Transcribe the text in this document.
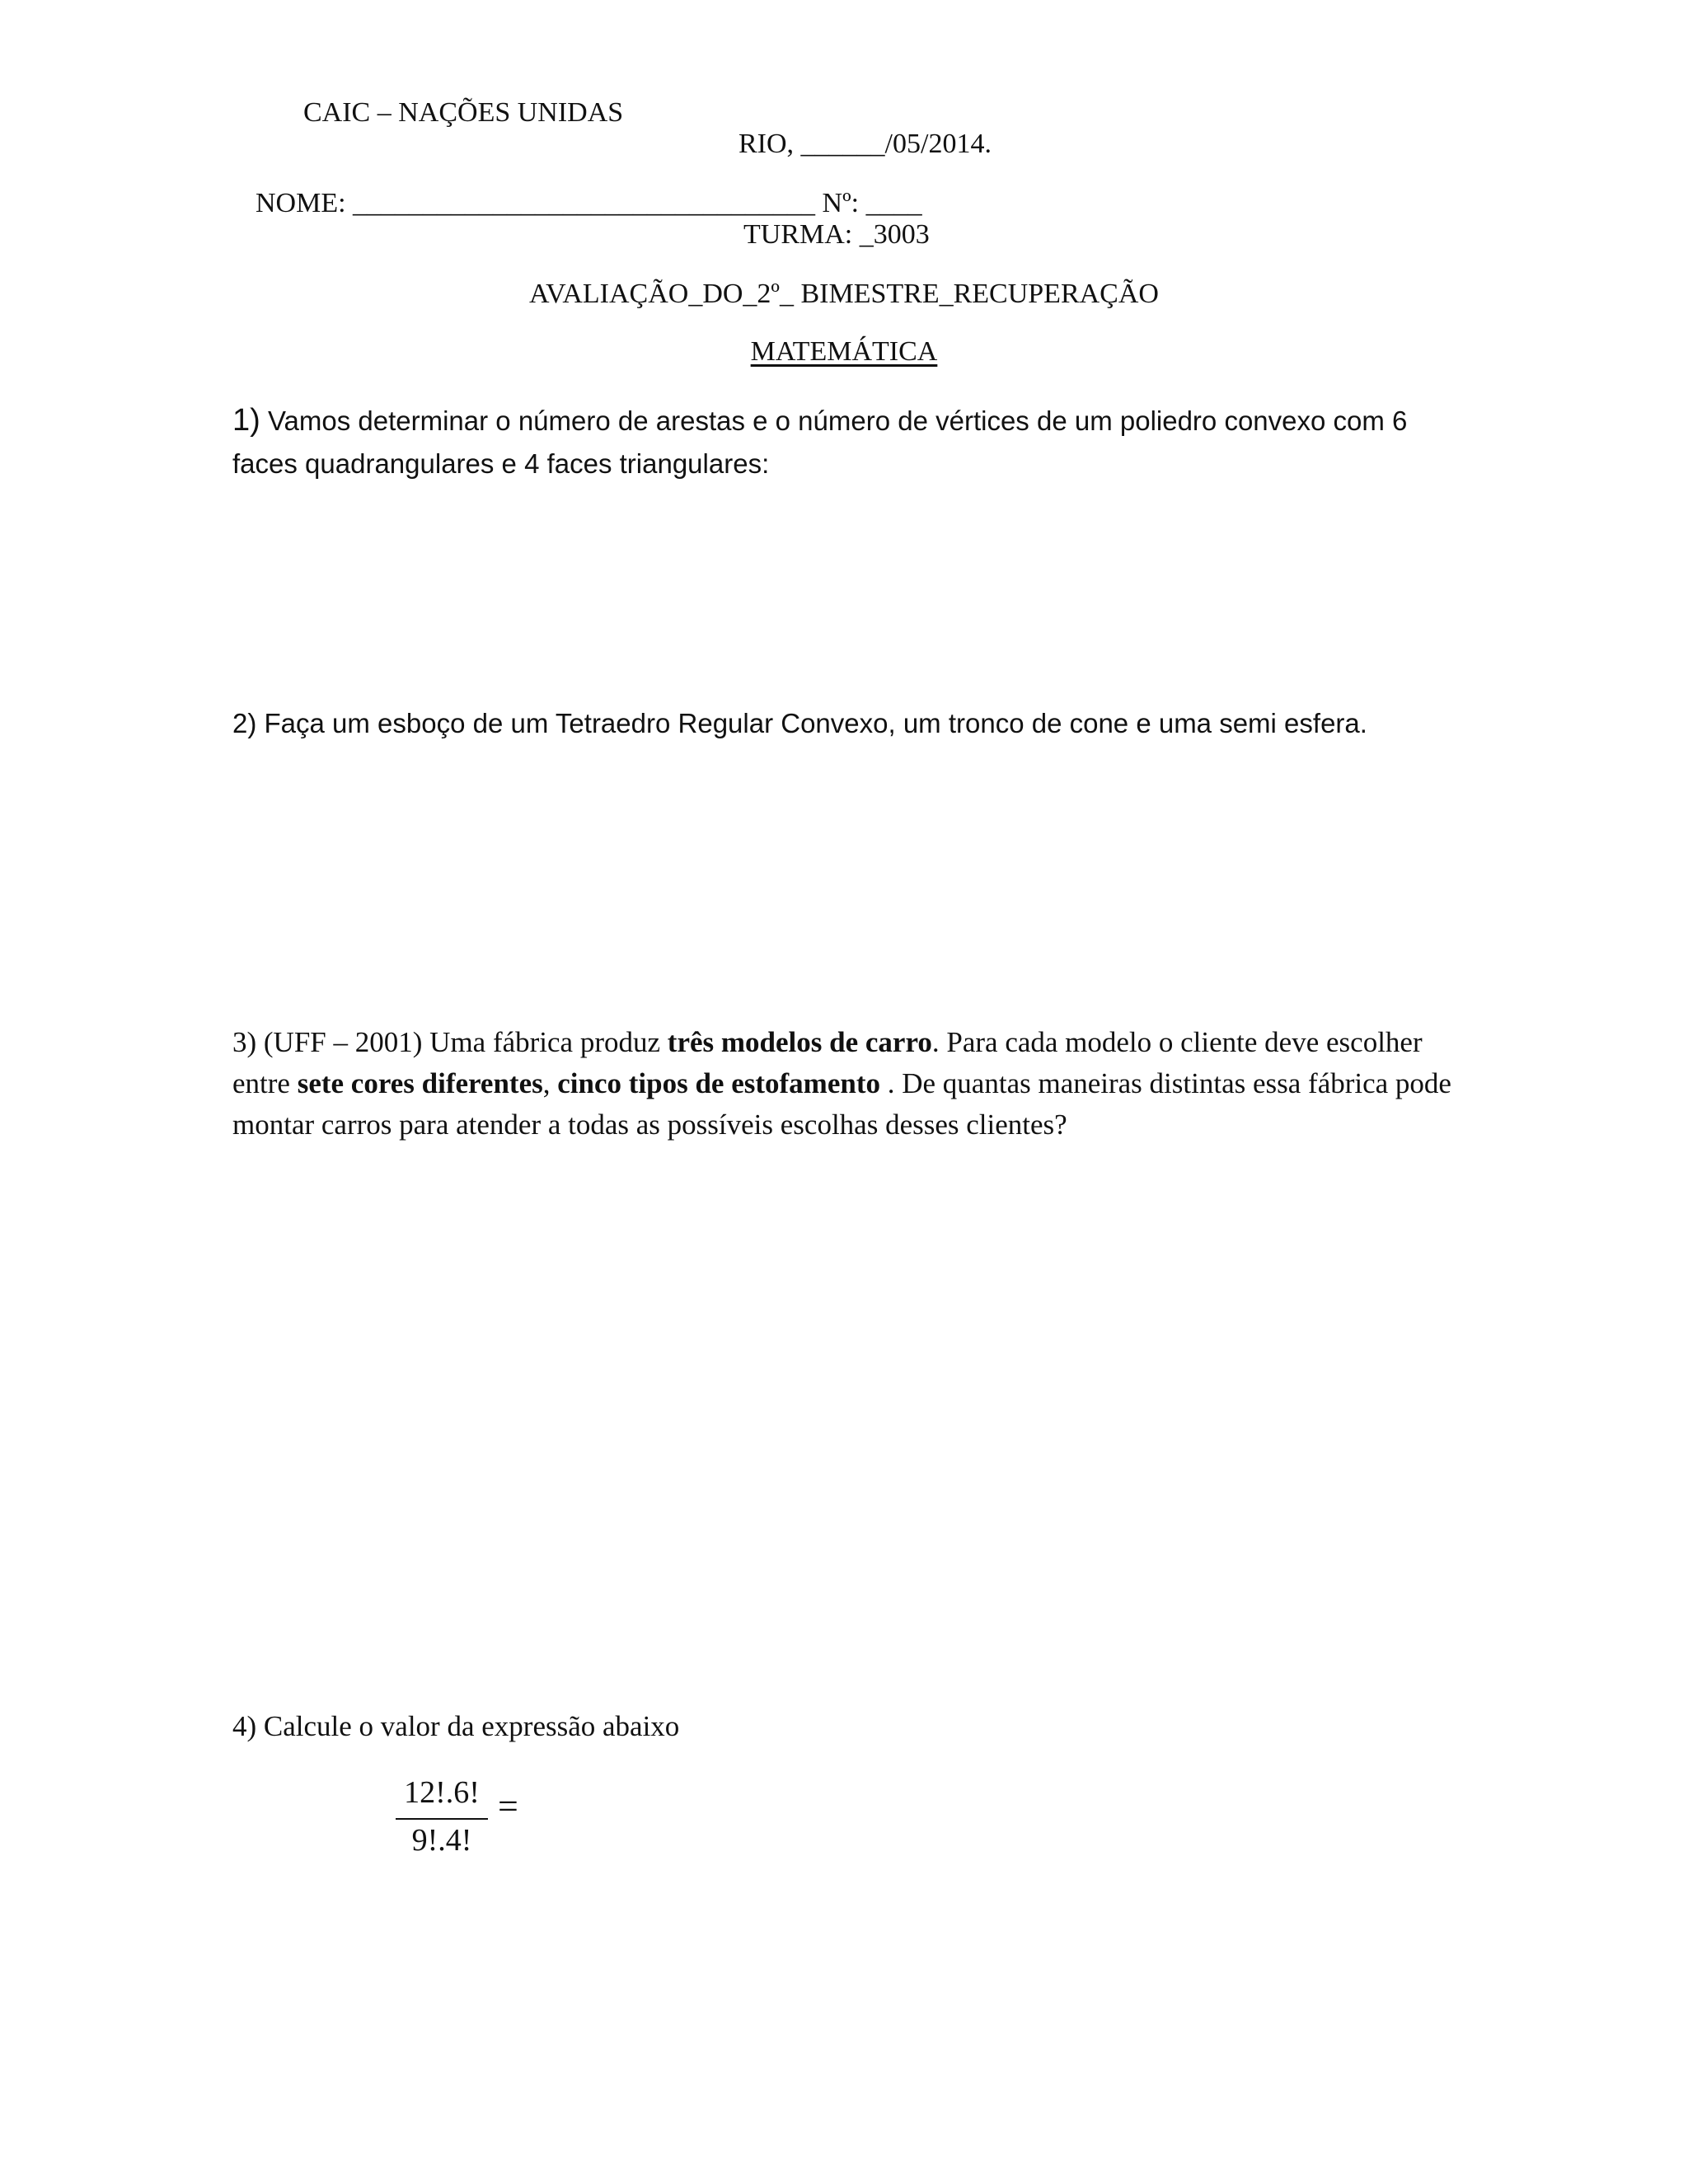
CAIC – NAÇÕES UNIDAS
RIO, ______/05/2014.
NOME: _________________________________ Nº: ____
TURMA: _3003
AVALIAÇÃO_DO_2º_ BIMESTRE_RECUPERAÇÃO
MATEMÁTICA
1) Vamos determinar o número de arestas e o número de vértices de um poliedro convexo com 6 faces quadrangulares e 4 faces triangulares:
2) Faça um esboço de um Tetraedro Regular Convexo, um tronco de cone e uma semi esfera.
3) (UFF – 2001) Uma fábrica produz três modelos de carro. Para cada modelo o cliente deve escolher entre sete cores diferentes, cinco tipos de estofamento . De quantas maneiras distintas essa fábrica pode montar carros para atender a todas as possíveis escolhas desses clientes?
4) Calcule o valor da expressão abaixo
12!.6!
9!.4!
=
